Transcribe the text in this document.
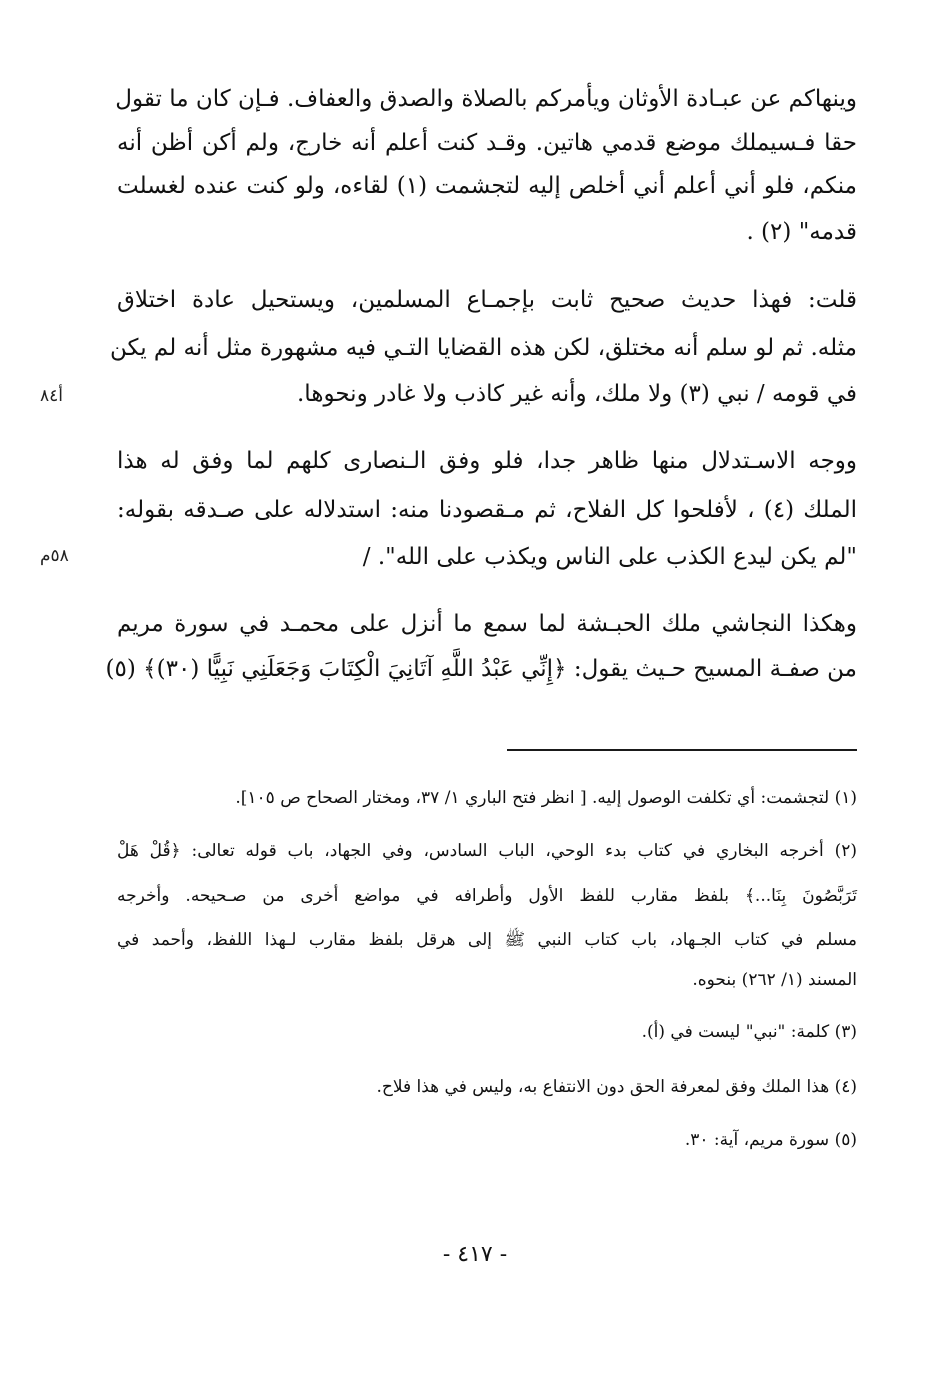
وينهاكم عن عبـادة الأوثان ويأمركم بالصلاة والصدق والعفاف. فـإن كان ما تقول
حقا فـسيملك موضع قدمي هاتين. وقـد كنت أعلم أنه خارج، ولم أكن أظن أنه
منكم، فلو أني أعلم أني أخلص إليه لتجشمت (١) لقاءه، ولو كنت عنده لغسلت
قدمه" (٢) .
قلت: فهذا حديث صحيح ثابت بإجمـاع المسلمين، ويستحيل عادة اختلاق
مثله. ثم لو سلم أنه مختلق، لكن هذه القضايا التـي فيه مشهورة مثل أنه لم يكن
في قومه / نبي (٣) ولا ملك، وأنه غير كاذب ولا غادر ونحوها.
ووجه الاسـتدلال منها ظاهر جدا، فلو وفق الـنصارى كلهم لما وفق له هذا
الملك (٤) ، لأفلحوا كل الفلاح، ثم مـقصودنا منه: استدلاله على صـدقه بقوله:
"لم يكن ليدع الكذب على الناس ويكذب على الله". /
وهكذا النجاشي ملك الحبـشة لما سمع ما أنزل على محمـد في سورة مريم
من صفـة المسيح حـيث يقول: ﴿إِنِّي عَبْدُ اللَّهِ آتَانِيَ الْكِتَابَ وَجَعَلَنِي نَبِيًّا (٣٠)﴾ (٥)
أ٨٤
٥٨م
(١) لتجشمت: أي تكلفت الوصول إليه. [ انظر فتح الباري ١/ ٣٧، ومختار الصحاح ص ١٠٥].
(٢) أخرجه البخاري في كتاب بدء الوحي، الباب السادس، وفي الجهاد، باب قوله تعالى: ﴿قُلْ هَلْ
تَرَبَّصُونَ بِنَا...﴾ بلفظ مقارب للفظ الأول وأطرافه في مواضع أخرى من صـحيحه. وأخرجه
مسلم في كتاب الجـهاد، باب كتاب النبي ﷺ إلى هرقل بلفظ مقارب لـهذا اللفظ، وأحمد في
المسند (١/ ٢٦٢) بنحوه.
(٣) كلمة: "نبي" ليست في (أ).
(٤) هذا الملك وفق لمعرفة الحق دون الانتفاع به، وليس في هذا فلاح.
(٥) سورة مريم، آية: ٣٠.
- ٤١٧ -
